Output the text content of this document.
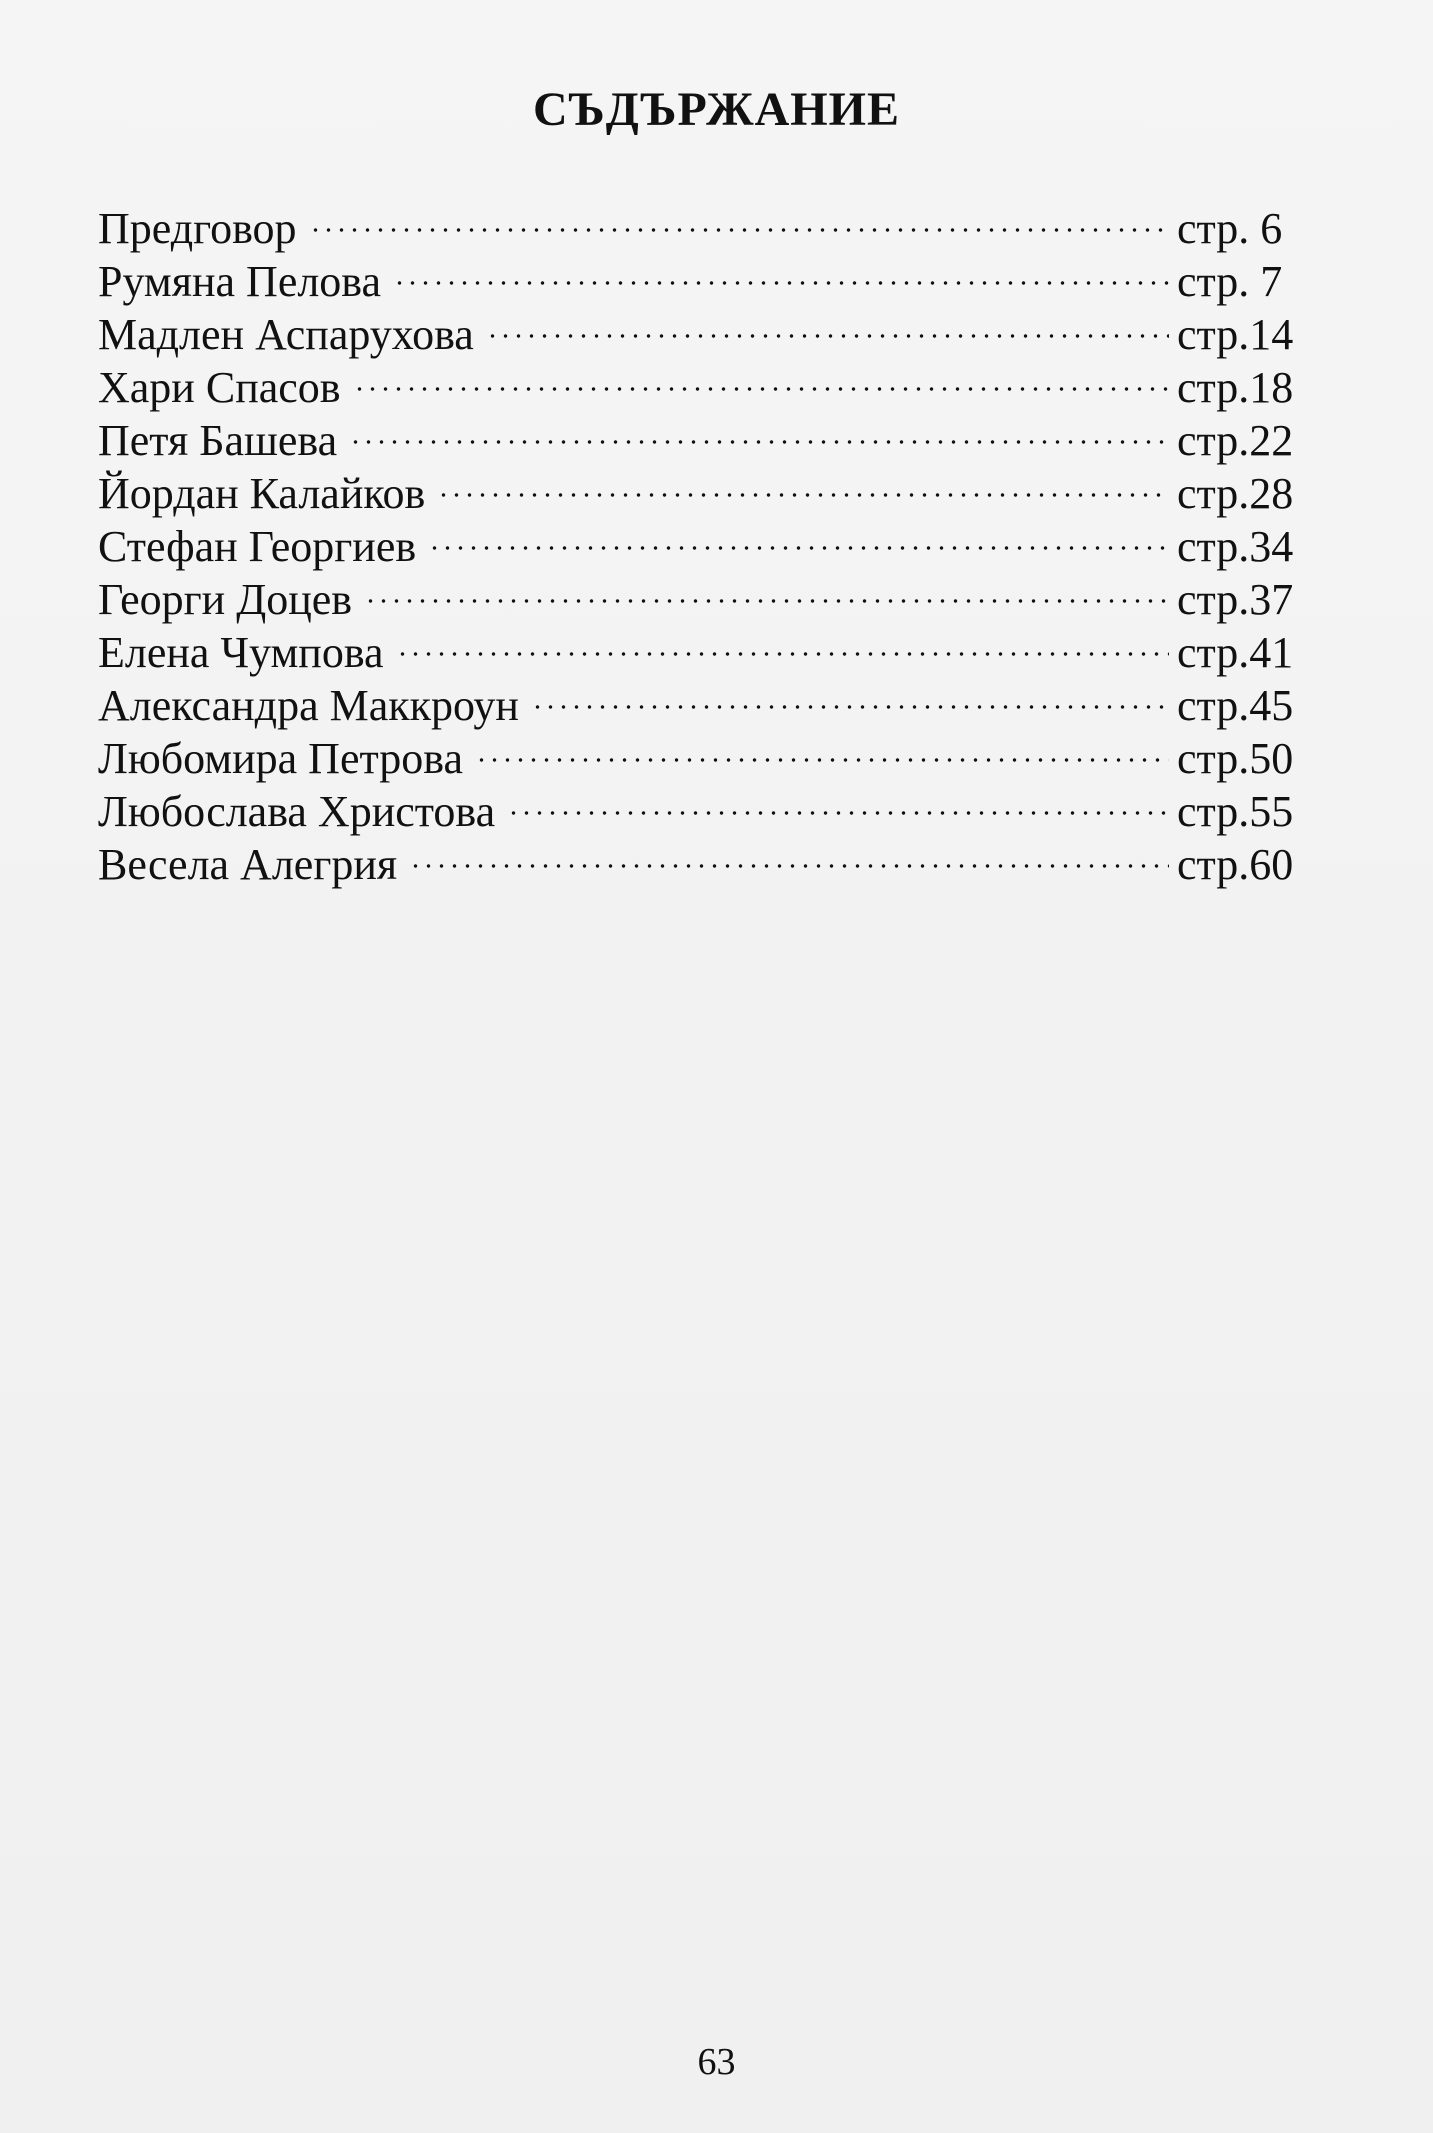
СЪДЪРЖАНИЕ
Предговор	стр. 6
Румяна Пелова	стр. 7
Мадлен Аспарухова	стр.14
Хари Спасов	стр.18
Петя Башева	стр.22
Йордан Калайков	стр.28
Стефан Георгиев	стр.34
Георги Доцев	стр.37
Елена Чумпова	стр.41
Александра Маккроун	стр.45
Любомира Петрова	стр.50
Любослава Христова	стр.55
Весела Алегрия	стр.60
63
